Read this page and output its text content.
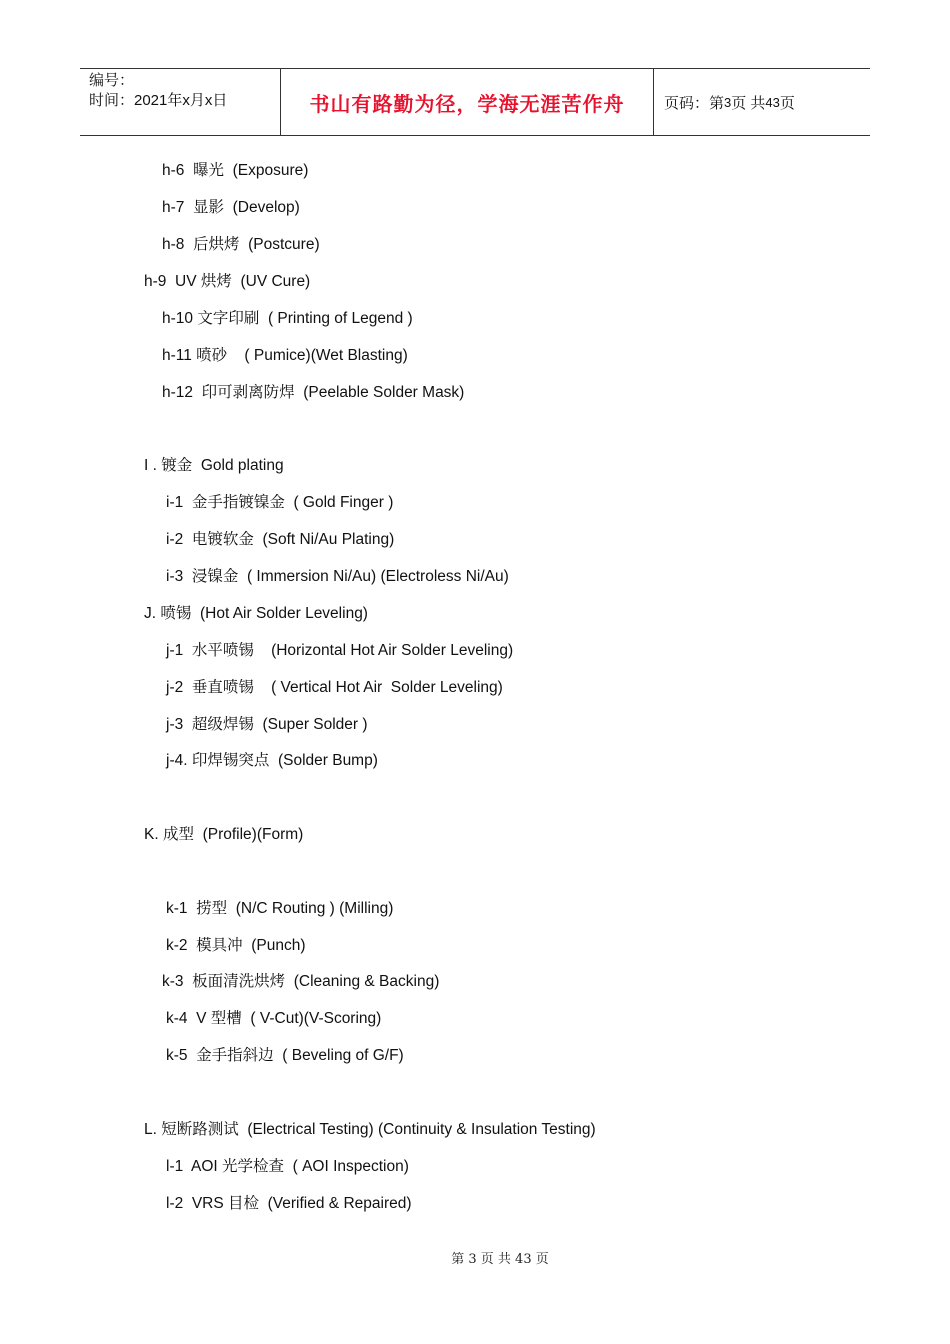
编号：
时间：2021年x月x日	书山有路勤为径，学海无涯苦作舟	页码：第 3 页 共 43 页
h-6  曝光  (Exposure)
h-7  显影  (Develop)
h-8  后烘烤  (Postcure)
h-9  UV 烘烤  (UV Cure)
h-10 文字印刷  ( Printing of Legend )
h-11 喷砂    ( Pumice)(Wet Blasting)
h-12  印可剥离防焊  (Peelable Solder Mask)
I . 镀金  Gold plating
i-1  金手指镀镍金  ( Gold Finger )
i-2  电镀软金  (Soft Ni/Au Plating)
i-3  浸镍金  ( Immersion Ni/Au) (Electroless Ni/Au)
J. 喷锡  (Hot Air Solder Leveling)
j-1  水平喷锡    (Horizontal Hot Air Solder Leveling)
j-2  垂直喷锡    ( Vertical Hot Air  Solder Leveling)
j-3  超级焊锡  (Super Solder )
j-4. 印焊锡突点  (Solder Bump)
K. 成型  (Profile)(Form)
k-1  捞型  (N/C Routing ) (Milling)
k-2  模具冲  (Punch)
k-3  板面清洗烘烤  (Cleaning & Backing)
k-4  V 型槽  ( V-Cut)(V-Scoring)
k-5  金手指斜边  ( Beveling of G/F)
L. 短断路测试  (Electrical Testing) (Continuity & Insulation Testing)
l-1  AOI 光学检查  ( AOI Inspection)
l-2  VRS 目检  (Verified & Repaired)
第 3 页 共 43 页
